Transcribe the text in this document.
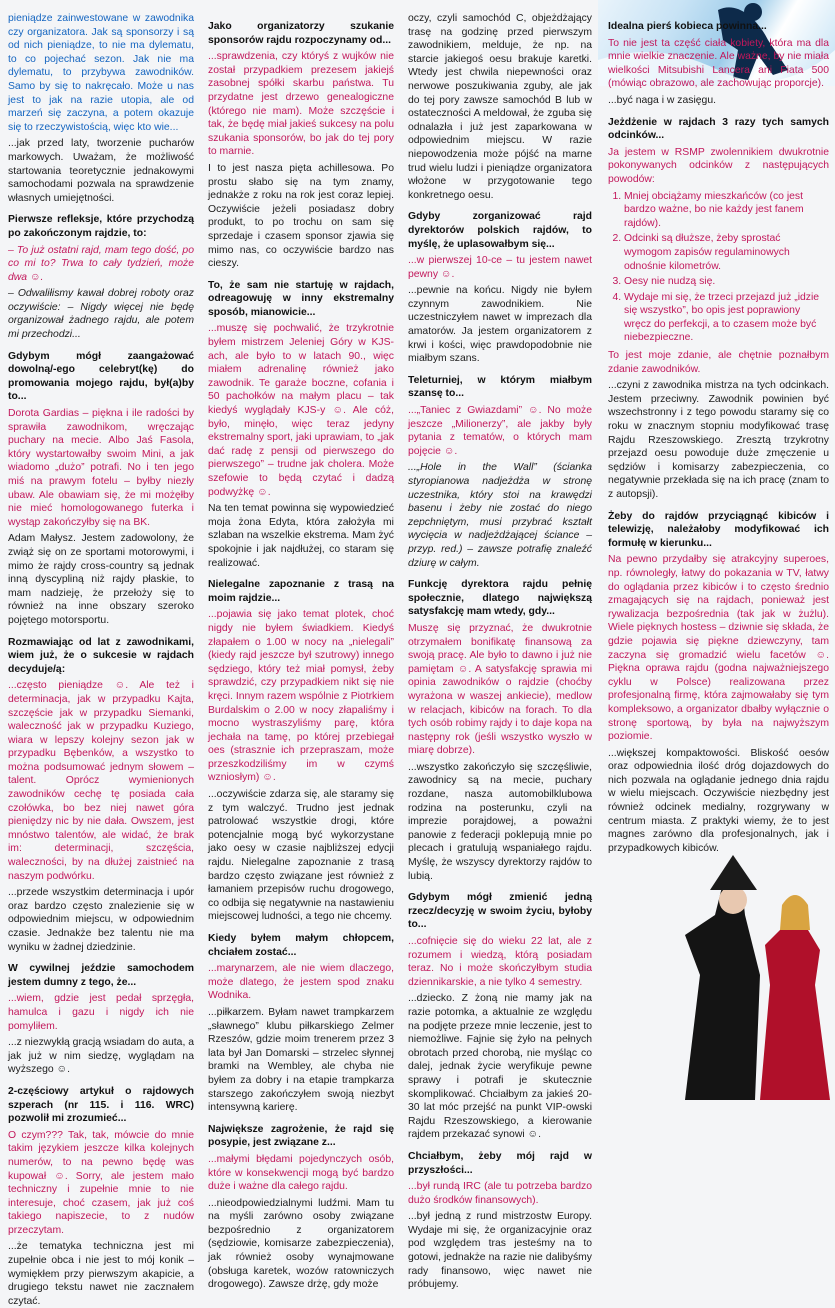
pieniądze zainwestowane w zawodnika czy organizatora. Jak są sponsorzy i są od nich pieniądze, to nie ma dylematu, to co pojechać sezon. Jak nie ma dylematu, to przybywa zawodników. Samo by się to nakręcało. Może u nas jest to jak na razie utopia, ale od marzeń się zaczyna, a potem okazuje się to rzeczywistością, więc kto wie...

...jak przed laty, tworzenie pucharów markowych. Uważam, że możliwość startowania teoretycznie jednakowymi samochodami pozwala na sprawdzenie własnych umiejętności.

Pierwsze refleksje, które przychodzą po zakończonym rajdzie, to:

– To już ostatni rajd, mam tego dość, po co mi to? Trwa to cały tydzień, może dwa ☺.

– Odwaliłismy kawał dobrej roboty oraz oczywiście: – Nigdy więcej nie będę organizował żadnego rajdu, ale potem mi przechodzi...

Gdybym mógł zaangażować dowolną/-ego celebryt(kę) do promowania mojego rajdu, był(a)by to...

Dorota Gardias – piękna i ile radości by sprawiła zawodnikom, wręczając puchary na mecie. Albo Jaś Fasola, który wystartowałby swoim Mini, a jak wiadomo „dużo” potrafi. No i ten jego miś na prawym fotelu – byłby niezły ubaw. Ale obawiam się, że mi możęłby nie mieć homologowanego futerka i wystąp zakończyłby się na BK.

Adam Małysz. Jestem zadowolony, że zwiąż się on ze sportami motorowymi, i mimo że rajdy cross-country są jednak inną dyscypliną niż rajdy płaskie, to mam nadzieję, że przełoży się to również na inne obszary szeroko pojętego motorsportu.

Rozmawiając od lat z zawodnikami, wiem już, że o sukcesie w rajdach decyduje/ą:

...często pieniądze ☺. Ale też i determinacja, jak w przypadku Kajta, szczęście jak w przypadku Siemanki, waleczność jak w przypadku Kuziego, wiara w lepszy kolejny sezon jak w przypadku Bębenków, a wszystko to można podsumować jednym słowem – talent. Oprócz wymienionych zawodników cechę tę posiada cała czołówka, bo bez niej nawet góra pieniędzy nic by nie dała. Owszem, jest mnóstwo talentów, ale widać, że brak im: determinacji, szczęścia, waleczności, by na dłużej zaistnieć na naszym podwórku.

...przede wszystkim determinacja i upór oraz bardzo często znalezienie się w odpowiednim miejscu, w odpowiednim czasie. Jednakże bez talentu nie ma wyniku w żadnej dziedzinie.

W cywilnej jeździe samochodem jestem dumny z tego, że...

...wiem, gdzie jest pedał sprzęgła, hamulca i gazu i nigdy ich nie pomyliłem.

...z niezwykłą gracją wsiadam do auta, a jak już w nim siedzę, wyglądam na wyższego ☺.

2-częściowy artykuł o rajdowych szperach (nr 115. i 116. WRC) pozwolił mi zrozumieć...

O czym??? Tak, tak, mówcie do mnie takim językiem jeszcze kilka kolejnych numerów, to na pewno będę was kupował ☺. Sorry, ale jestem mało techniczny i zupełnie mnie to nie interesuje, choć czasem, jak już coś takiego napiszecie, to z nudów przeczytam.

...że tematyka techniczna jest mi zupełnie obca i nie jest to mój konik – wymiękłem przy pierwszym akapicie, a drugiego tekstu nawet nie zacznałem czytać.

Jako organizatorzy szukanie sponsorów rajdu rozpoczynamy od...

...sprawdzenia, czy któryś z wujków nie został przypadkiem prezesem jakiejś zasobnej spółki skarbu państwa. Tu przydatne jest drzewo genealogiczne (którego nie mam). Może szczęście i tak, że będę miał jakieś sukcesy na polu szukania sponsorów, bo jak do tej pory to marnie.

I to jest nasza pięta achillesowa. Po prostu słabo się na tym znamy, jednakże z roku na rok jest coraz lepiej. Oczywiście jeżeli posiadasz dobry produkt, to po trochu on sam się sprzedaje i czasem sponsor zjawia się mimo nas, co oczywiście bardzo nas cieszy.

To, że sam nie startuję w rajdach, odreagowuję w inny ekstremalny sposób, mianowicie...

...muszę się pochwalić, że trzykrotnie byłem mistrzem Jeleniej Góry w KJS-ach, ale było to w latach 90., więc miałem adrenalinę również jako zawodnik. Te garaże boczne, cofania i 50 pachołków na małym placu – tak kiedyś wyglądały KJS-y ☺. Ale cóż, było, minęło, więc teraz jedyny ekstremalny sport, jaki uprawiam, to „jak dać radę z pensji od pierwszego do pierwszego” – trudne jak cholera. Może szefowie to będą czytać i dadzą podwyżkę ☺.

Na ten temat powinna się wypowiedzieć moja żona Edyta, która założyła mi szlaban na wszelkie ekstrema. Mam żyć spokojnie i jak najdłużej, co staram się realizować.

Nielegalne zapoznanie z trasą na moim rajdzie...

...pojawia się jako temat plotek, choć nigdy nie byłem świadkiem. Kiedyś złapałem o 1.00 w nocy na „nielegali” (kiedy rajd jeszcze był szutrowy) innego sędziego, który też miał pomysł, żeby sprawdzić, czy przypadkiem nikt się nie kręci. Innym razem wspólnie z Piotrkiem Burdalskim o 2.00 w nocy złapaliśmy i mocno wystraszyliśmy parę, która jechała na tamę, po której przebiegał oes (strasznie ich przepraszam, może przeszkodziliśmy im w czymś wzniosłym) ☺.

...oczywiście zdarza się, ale staramy się z tym walczyć. Trudno jest jednak patrolować wszystkie drogi, które potencjalnie mogą być wykorzystane jako oesy w czasie najbliższej edycji rajdu. Nielegalne zapoznanie z trasą bardzo często związane jest również z łamaniem przepisów ruchu drogowego, co odbija się negatywnie na nastawieniu miejscowej ludności, a tego nie chcemy.

Kiedy byłem małym chłopcem, chciałem zostać...

...marynarzem, ale nie wiem dlaczego, może dlatego, że jestem spod znaku Wodnika.

...piłkarzem. Byłam nawet trampkarzem „sławnego” klubu piłkarskiego Zelmer Rzeszów, gdzie moim trenerem przez 3 lata był Jan Domarski – strzelec słynnej bramki na Wembley, ale chyba nie byłem za dobry i na etapie trampkarza starszego zakończyłem swoją niezbyt intensywną karierę.

Największe zagrożenie, że rajd się posypie, jest związane z...

...małymi błędami pojedynczych osób, które w konsekwencji mogą być bardzo duże i ważne dla całego rajdu.

...nieodpowiedzialnymi ludźmi. Mam tu na myśli zarówno osoby związane bezpośrednio z organizatorem (sędziowie, komisarze zabezpieczenia), jak również osoby wynajmowane (obsługa karetek, wozów ratowniczych drogowego). Zawsze drżę, gdy może

oczy, czyli samochód C, objeżdżający trasę na godzinę przed pierwszym zawodnikiem, melduje, że np. na starcie jakiegoś oesu brakuje karetki. Wtedy jest chwila niepewności oraz nerwowe poszukiwania zguby, ale jak do tej pory zawsze samochód B lub w ostateczności A meldował, że zguba się odnalazła i już jest zaparkowana w odpowiednim miejscu. W razie niepowodzenia może pójść na marne trud wielu ludzi i pieniądze organizatora włożone w przygotowanie tego konkretnego oesu.

Gdyby zorganizować rajd dyrektorów polskich rajdów, to myślę, że uplasowałbym się...

...w pierwszej 10-ce – tu jestem nawet pewny ☺.

...pewnie na końcu. Nigdy nie byłem czynnym zawodnikiem. Nie uczestniczyłem nawet w imprezach dla amatorów. Ja jestem organizatorem z krwi i kości, więc prawdopodobnie nie miałbym szans.

Teleturniej, w którym miałbym szansę to...

...„Taniec z Gwiazdami” ☺. No może jeszcze „Milionerzy”, ale jakby były pytania z tematów, o których mam pojęcie ☺.

...„Hole in the Wall” (ścianka styropianowa nadjeżdża w stronę uczestnika, który stoi na krawędzi basenu i żeby nie zostać do niego zepchniętym, musi przybrać kształt wycięcia w nadjeżdżającej ściance – przyp. red.) – zawsze potrafię znaleźć dziurę w całym.

Funkcję dyrektora rajdu pełnię społecznie, dlatego największą satysfakcję mam wtedy, gdy...

Muszę się przyznać, że dwukrotnie otrzymałem bonifikatę finansową za swoją pracę. Ale było to dawno i już nie pamiętam ☺. A satysfakcję sprawia mi opinia zawodników o rajdzie (choćby wyrażona w waszej ankiecie), medlow w relacjach, kibiców na forach. To dla tych osób robimy rajdy i to daje kopa na następny rok (jeśli wszystko wyszło w miarę dobrze).

...wszystko zakończyło się szczęśliwie, zawodnicy są na mecie, puchary rozdane, nasza automobilklubowa rodzina na posterunku, czyli na imprezie porajdowej, a poważni panowie z federacji poklepują mnie po plecach i gratulują wspaniałego rajdu. Myślę, że wszyscy dyrektorzy rajdów to lubią.

Gdybym mógł zmienić jedną rzecz/decyzję w swoim życiu, byłoby to...

...cofnięcie się do wieku 22 lat, ale z rozumem i wiedzą, którą posiadam teraz. No i może skończyłbym studia dziennikarskie, a nie tylko 4 semestry.

...dziecko. Z żoną nie mamy jak na razie potomka, a aktualnie ze względu na podjęte przeze mnie leczenie, jest to niemożliwe. Fajnie się żyło na pełnych obrotach przed chorobą, nie myśląc co dalej, jednak życie weryfikuje pewne sprawy i potrafi je skutecznie skomplikować. Chciałbym za jakieś 20-30 lat móc przejść na punkt VIP-owski Rajdu Rzeszowskiego, a kierowanie rajdem przekazać synowi ☺.

Chciałbym, żeby mój rajd w przyszłości...

...był rundą IRC (ale tu potrzeba bardzo dużo środków finansowych).

...był jedną z rund mistrzostw Europy. Wydaje mi się, że organizacyjnie oraz pod względem tras jesteśmy na to gotowi, jednakże na razie nie dalibyśmy rady finansowo, więc nawet nie próbujemy.

Idealna pierś kobieca powinna...

To nie jest ta część ciała kobiety, która ma dla mnie wielkie znaczenie. Ale ważne, by nie miała wielkości Mitsubishi Lancera ani Fiata 500 (mówiąc obrazowo, ale zachowując proporcje).

...być naga i w zasięgu.

Jeżdżenie w rajdach 3 razy tych samych odcinków...

Ja jestem w RSMP zwolennikiem dwukrotnie pokonywanych odcinków z następujących powodów:

1. Mniej obciążamy mieszkańców (co jest bardzo ważne, bo nie każdy jest fanem rajdów).
2. Odcinki są dłuższe, żeby sprostać wymogom zapisów regulaminowych odnośnie kilometrów.
3. Oesy nie nudzą się.
4. Wydaje mi się, że trzeci przejazd już „idzie się wszystko”, bo opis jest poprawiony wręcz do perfekcji, a to czasem może być niebezpieczne.

To jest moje zdanie, ale chętnie poznałbym zdanie zawodników.

...czyni z zawodnika mistrza na tych odcinkach. Jestem przeciwny. Zawodnik powinien być wszechstronny i z tego powodu staramy się co roku w znacznym stopniu modyfikować trasę Rajdu Rzeszowskiego. Zresztą trzykrotny przejazd oesu powoduje duże zmęczenie u sędziów i komisarzy zabezpieczenia, co negatywnie przekłada się na ich pracę (znam to z autopsji).

Żeby do rajdów przyciągnąć kibiców i telewizję, należałoby modyfikować ich formułę w kierunku...

Na pewno przydałby się atrakcyjny superoes, np. równoległy, łatwy do pokazania w TV, łatwy do oglądania przez kibiców i to często średnio zmagających się na rajdach, ponieważ jest rywalizacja bezpośrednia (tak jak w żużlu). Wiele pięknych hostess – dziwnie się składa, że gdzie pojawia się piękne dziewczyny, tam zaczyna się gromadzić wielu facetów ☺. Piękna oprawa rajdu (godna najważniejszego cyklu w Polsce) realizowana przez profesjonalną firmę, która zajmowałaby się tym kompleksowo, a organizator dbałby wyłącznie o stronę sportową, by była na najwyższym poziomie.

...większej kompaktowości. Bliskość oesów oraz odpowiednia ilość dróg dojazdowych do nich pozwala na oglądanie jednego dnia rajdu w wielu miejscach. Oczywiście niezbędny jest również odcinek medialny, rozgrywany w centrum miasta. Z praktyki wiemy, że to jest magnes zarówno dla profesjonalnych, jak i przypadkowych kibiców.
